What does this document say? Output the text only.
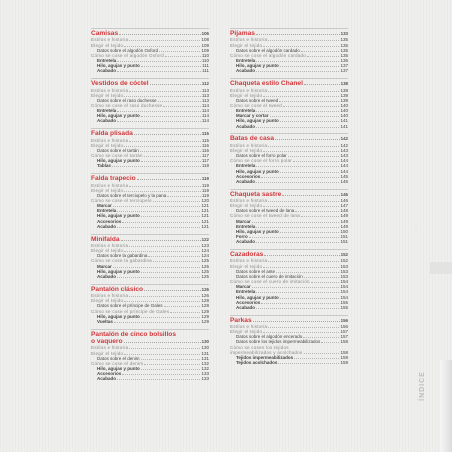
Camisas	106
Estilos e historia	108
Elegir el tejido	109
Datos sobre el algodón Oxford	109
Cómo se cose el algodón Oxford	110
Entretela	110
Hilo, agujas y punto	111
Acabado	111
Vestidos de cóctel	112
Estilos e historia	113
Elegir el tejido	113
Datos sobre el raso duchesse	113
Cómo se cose el raso duchesse	114
Entretela	114
Hilo, agujas y punto	114
Acabado	114
Falda plisada	115
Estilos e historia	115
Elegir el tejido	116
Datos sobre el tartán	116
Cómo se cose el tartán	117
Hilo, agujas y punto	117
Tablas	118
Falda trapecio	119
Estilos e historia	119
Elegir el tejido	119
Datos sobre el terciopelo y la pana	119
Cómo se cose el terciopelo	120
Marcar	121
Entretela	121
Hilo, agujas y punto	121
Accesorios	121
Acabado	121
Minifalda	122
Estilos e historia	123
Elegir el tejido	124
Datos sobre la gabardina	124
Cómo se cose la gabardina	125
Marcar	125
Hilo, agujas y punto	125
Acabado	125
Pantalón clásico	126
Estilos e historia	126
Elegir el tejido	128
Datos sobre el príncipe de Gales	128
Cómo se cose el príncipe de Gales	129
Hilo, agujas y punto	129
Vueltas	129
Pantalón de cinco bolsillos
o vaquero	130
Estilos e historia	130
Elegir el tejido	131
Datos sobre el denim	131
Cómo se cose el denim	132
Hilo, agujas y punto	132
Accesorios	133
Acabado	133
Pijamas	133
Estilos e historia	135
Elegir el tejido	135
Datos sobre el algodón cardado	135
Cómo se cose el algodón cardado	135
Entretela	136
Hilo, agujas y punto	137
Acabado	137
Chaqueta estilo Chanel	138
Estilos e historia	138
Elegir el tejido	139
Datos sobre el tweed	139
Cómo se cose el tweed	140
Entretela	140
Marcar y cortar	140
Hilo, agujas y punto	141
Acabado	141
Batas de casa	142
Estilos e historia	142
Elegir el tejido	143
Datos sobre el forro polar	143
Cómo se cose el forro polar	144
Entretela	144
Hilo, agujas y punto	144
Accesorios	145
Acabado	145
Chaqueta sastre	146
Estilos e historia	146
Elegir el tejido	147
Datos sobre el tweed de lana	148
Cómo se cose el tweed de lana	149
Marcar	149
Entretela	149
Hilo, agujas y punto	150
Forro	151
Acabado	151
Cazadoras	152
Estilos e historia	152
Elegir el tejido	153
Datos sobre el ante	153
Datos sobre el cuero de imitación	153
Cómo se cose el cuero de imitación	154
Marcar	154
Entretela	154
Hilo, agujas y punto	154
Accesorios	155
Acabado	155
Parkas	156
Estilos e historia	156
Elegir el tejido	157
Datos sobre el algodón encerado	157
Datos sobre los tejidos impermeabilizados	158
Cómo se cosen los tejidos
impermeabilizados y acolchados	158
Tejidos impermeabilizados	159
Tejidos acolchados	159
·
ÍNDICE
